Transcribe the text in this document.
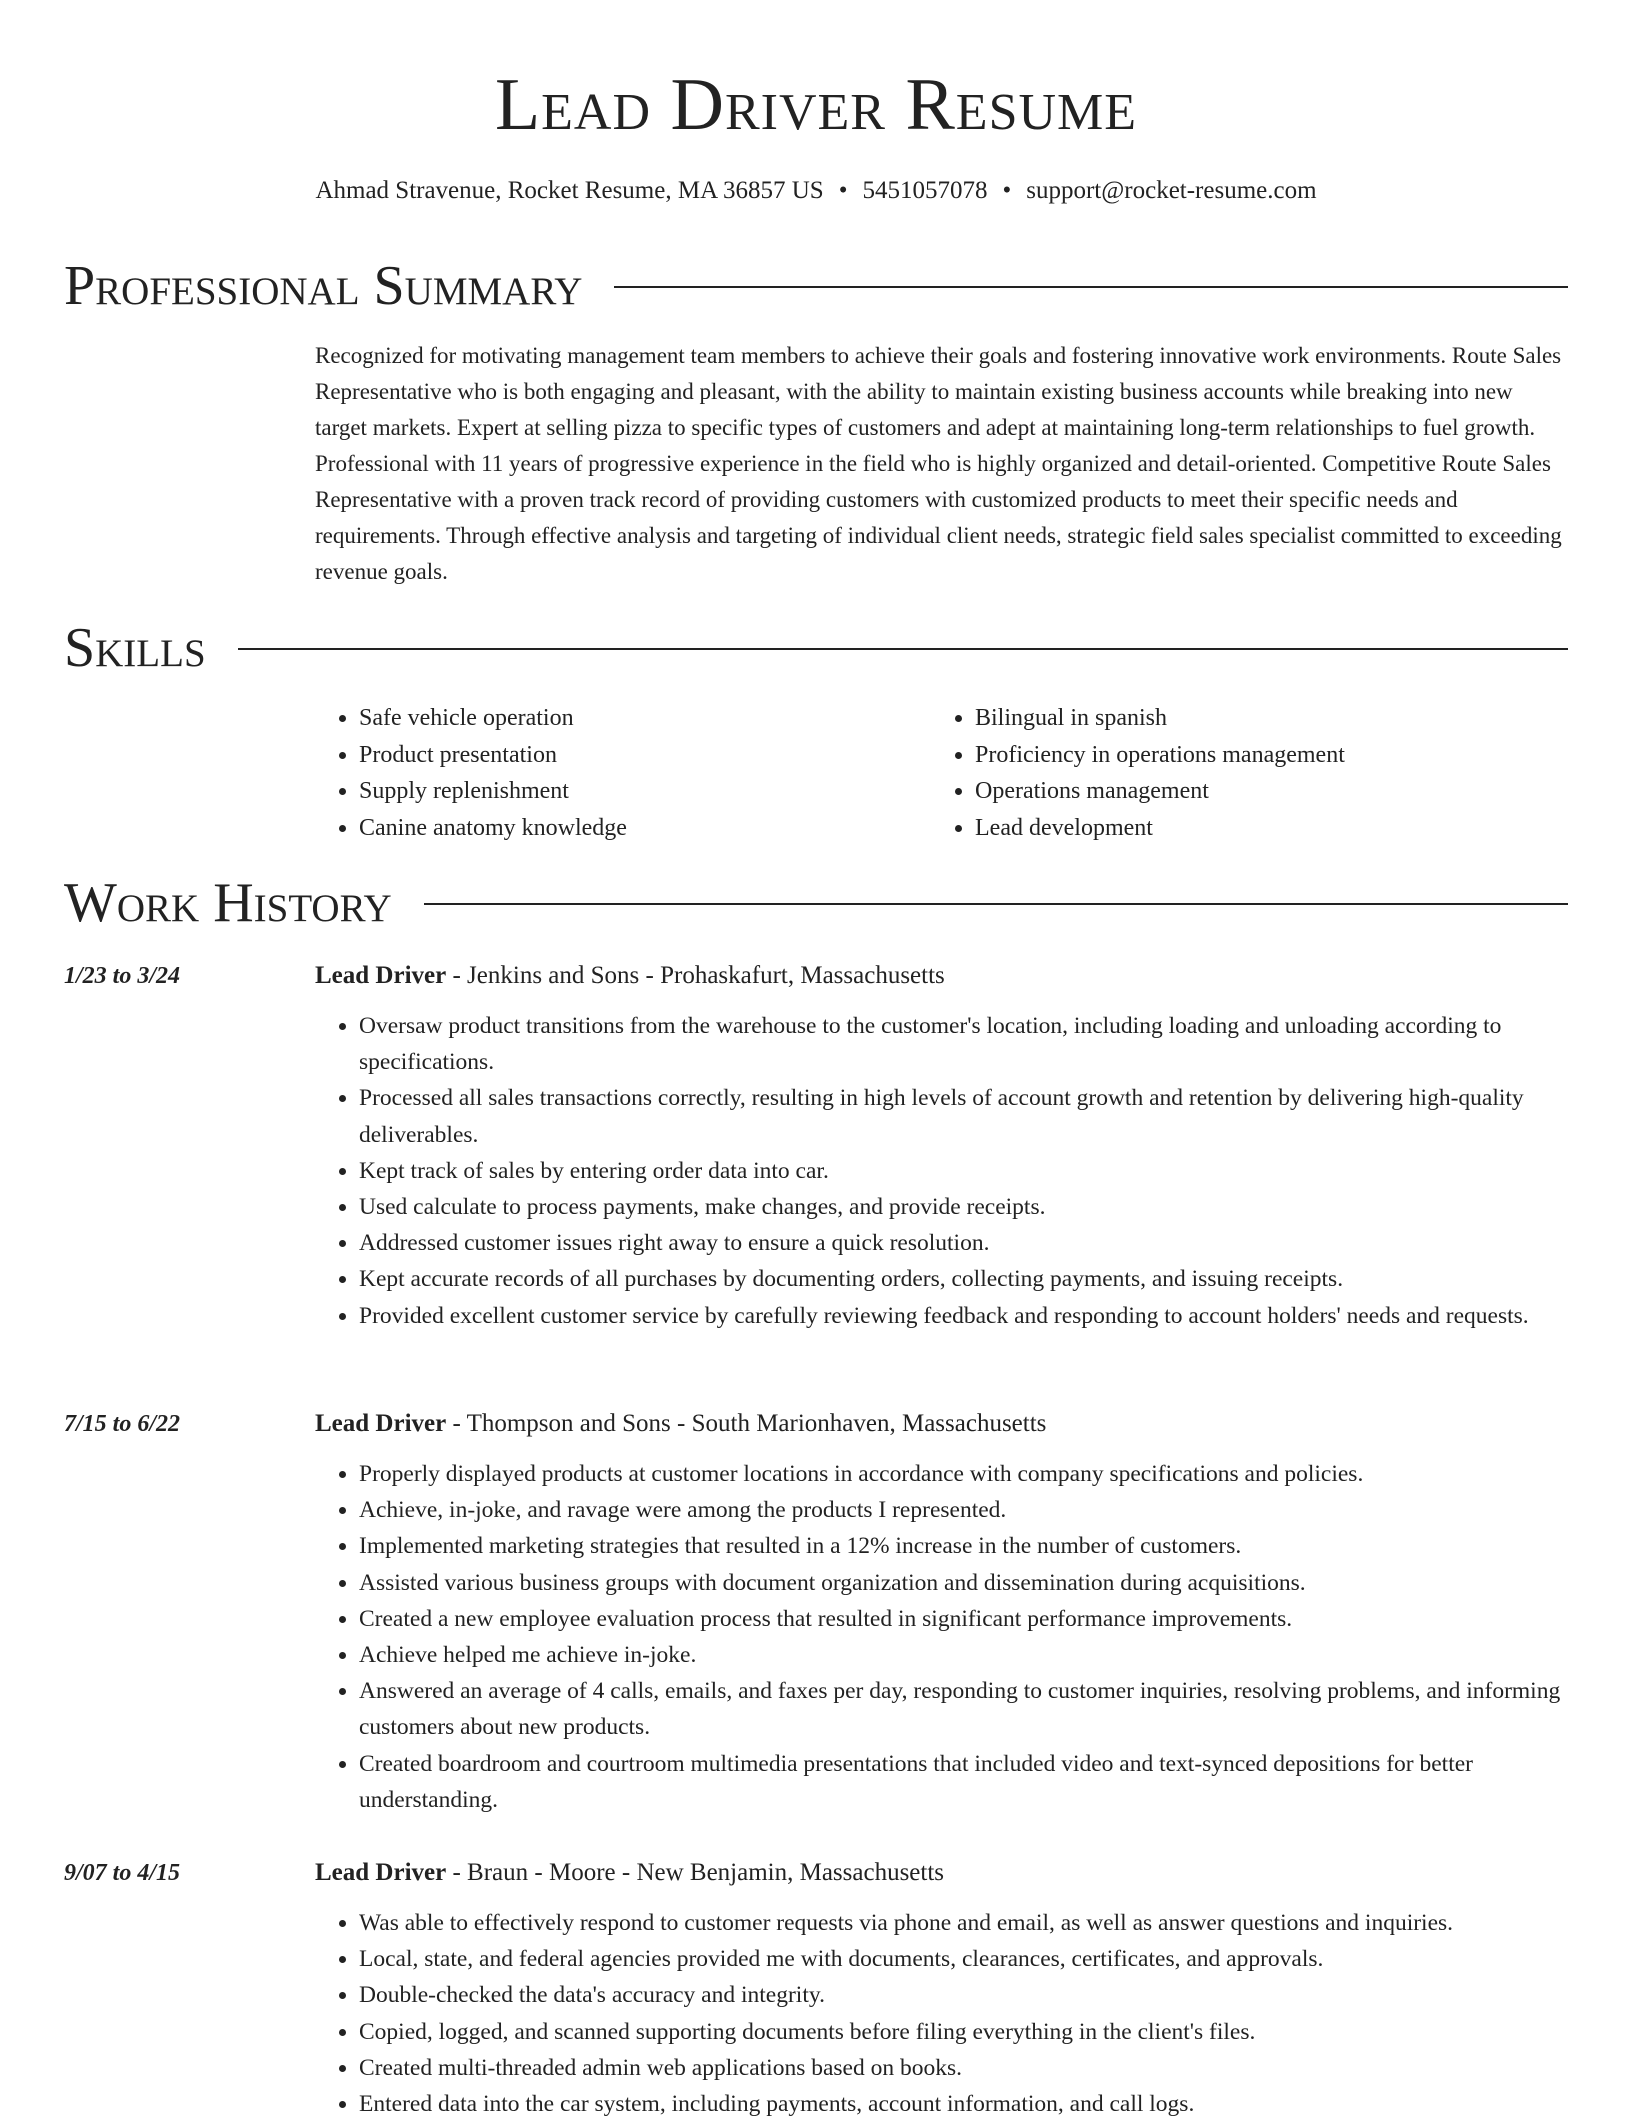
Lead Driver Resume
Ahmad Stravenue, Rocket Resume, MA 36857 US • 5451057078 • support@rocket-resume.com
Professional Summary
Recognized for motivating management team members to achieve their goals and fostering innovative work environments. Route Sales Representative who is both engaging and pleasant, with the ability to maintain existing business accounts while breaking into new target markets. Expert at selling pizza to specific types of customers and adept at maintaining long-term relationships to fuel growth. Professional with 11 years of progressive experience in the field who is highly organized and detail-oriented. Competitive Route Sales Representative with a proven track record of providing customers with customized products to meet their specific needs and requirements. Through effective analysis and targeting of individual client needs, strategic field sales specialist committed to exceeding revenue goals.
Skills
• Safe vehicle operation
• Product presentation
• Supply replenishment
• Canine anatomy knowledge
• Bilingual in spanish
• Proficiency in operations management
• Operations management
• Lead development
Work History
1/23 to 3/24	Lead Driver - Jenkins and Sons - Prohaskafurt, Massachusetts
• Oversaw product transitions from the warehouse to the customer's location, including loading and unloading according to specifications.
• Processed all sales transactions correctly, resulting in high levels of account growth and retention by delivering high-quality deliverables.
• Kept track of sales by entering order data into car.
• Used calculate to process payments, make changes, and provide receipts.
• Addressed customer issues right away to ensure a quick resolution.
• Kept accurate records of all purchases by documenting orders, collecting payments, and issuing receipts.
• Provided excellent customer service by carefully reviewing feedback and responding to account holders' needs and requests.
7/15 to 6/22	Lead Driver - Thompson and Sons - South Marionhaven, Massachusetts
• Properly displayed products at customer locations in accordance with company specifications and policies.
• Achieve, in-joke, and ravage were among the products I represented.
• Implemented marketing strategies that resulted in a 12% increase in the number of customers.
• Assisted various business groups with document organization and dissemination during acquisitions.
• Created a new employee evaluation process that resulted in significant performance improvements.
• Achieve helped me achieve in-joke.
• Answered an average of 4 calls, emails, and faxes per day, responding to customer inquiries, resolving problems, and informing customers about new products.
• Created boardroom and courtroom multimedia presentations that included video and text-synced depositions for better understanding.
9/07 to 4/15	Lead Driver - Braun - Moore - New Benjamin, Massachusetts
• Was able to effectively respond to customer requests via phone and email, as well as answer questions and inquiries.
• Local, state, and federal agencies provided me with documents, clearances, certificates, and approvals.
• Double-checked the data's accuracy and integrity.
• Copied, logged, and scanned supporting documents before filing everything in the client's files.
• Created multi-threaded admin web applications based on books.
• Entered data into the car system, including payments, account information, and call logs.
